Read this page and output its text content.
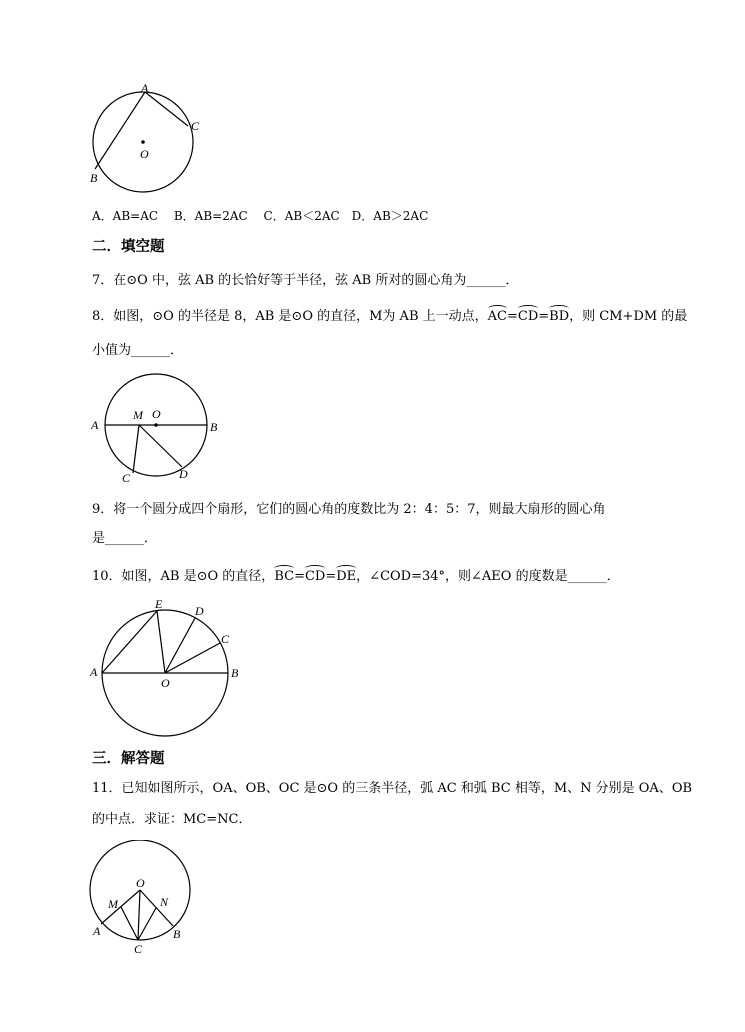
A
C
O
B
A．AB=AC　 B．AB=2AC　 C．AB＜2AC　D．AB＞2AC
二．填空题
7．在⊙O 中，弦 AB 的长恰好等于半径，弦 AB 所对的圆心角为______．
8．如图，⊙O 的半径是 8，AB 是⊙O 的直径，M为 AB 上一动点，AC=CD=BD，则 CM+DM 的最
小值为______．
A
M O
B
C	D
9．将一个圆分成四个扇形，它们的圆心角的度数比为 2：4：5：7，则最大扇形的圆心角
是______．
10．如图，AB 是⊙O 的直径，BC=CD=DE，∠COD=34°，则∠AEO 的度数是______．
E	D
C
A
O
B
三．解答题
11．已知如图所示，OA、OB、OC 是⊙O 的三条半径，弧 AC 和弧 BC 相等，M、N 分别是 OA、OB
的中点．求证：MC=NC．
O
M	N
A	B
C
